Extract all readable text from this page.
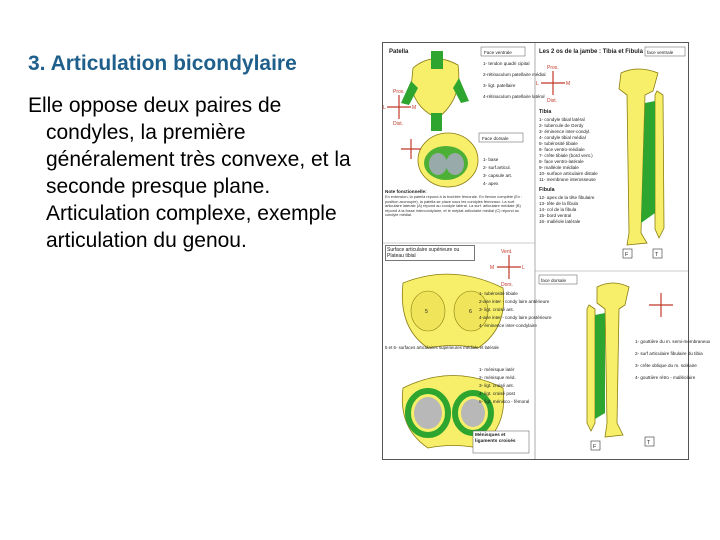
3. Articulation bicondylaire

Elle oppose deux paires de condyles, la première généralement très convexe, et la seconde presque plane. Articulation complexe, exemple articulation du genou.

Patella	Face ventrale
1- tendon quadri cipital
2-rétinaculum patellaire médial
3- ligt. patellaire
4-rétinaculum patellaire latéral
Prox.
Dist.
L	M
Face dorsale
1- base
2- surf.articul.
3- capsule art.
4- apex
Note fonctionnelle:
En extension, la patella répond à la trochlée fémorale. En flexion complète (Ex : position accroupie), la patella se place sous les condyles fémoraux. La surf. articulaire latérale (A) répond au condyle latéral. La surf. articulaire médiale (B) répond à la fosse intercondylaire, et le méplat articulaire médial (C) répond au condyle médial.
Surface articulaire supérieure ou Plateau tibial
5	6
Vent.
Dors.
M	L
1- tubérosité tibiale
2-aire inter - condy laire antérieure
3- ligt. croisé ant.
4-aire inter - condy laire postérieure
4- éminence inter-condylaire
5 et 6- surfaces articulaires supérieures médiale et latérale
1- ménisque latér
2- ménisque méd.
3- ligt. croisé ant.
4- ligt. croisé post
5- ligt. ménisco - fémoral
Ménisques et ligaments croisés
Les 2 os de la jambe : Tibia et Fibula face ventrale
Prox.
Dist.
L	M
Tibia
1- condyle tibial latéral
2- tubercule de Gerdy
3- éminence inter-condyl.
4- condyle tibial médial
5- tubérosité tibiale
6- face ventro-médiale
7- crête tibiale (bord vent.)
8- face ventro-latérale
9- malléole médiale
10- surface articulaire distale
11- membrane interosseuse
Fibula
12- apex de la tête fibulaire
13- tête de la fibula
14- col de la fibula
15- bord ventral
16- malléole latérale
F	T
face dorsale
1- gouttière du m. semi-membraneux
2- surf articulaire fibulaire du tibia
3- crête oblique du m. soléaire
4- gouttière rétro - malléolaire
F
T
